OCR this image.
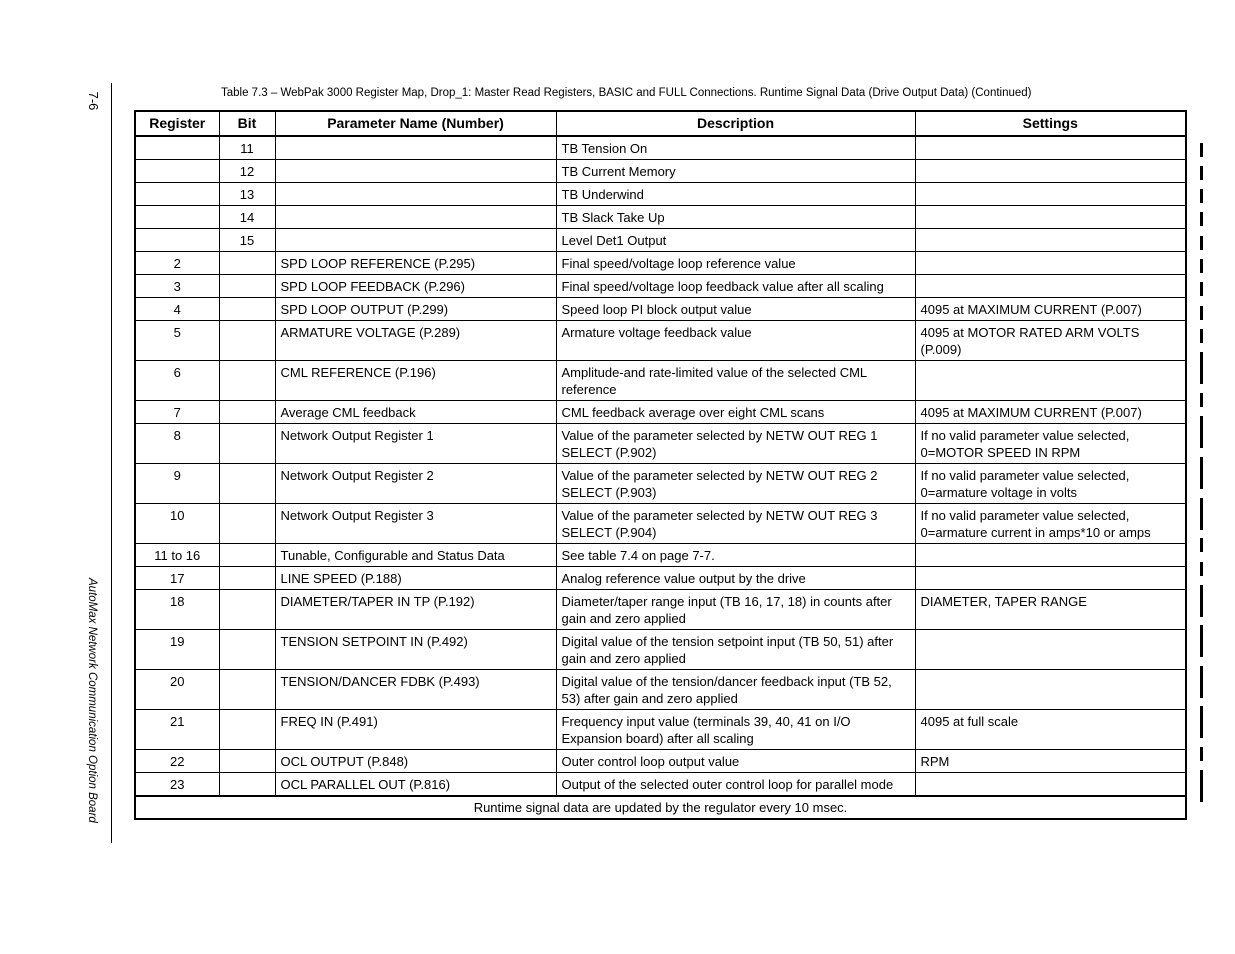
7-6
AutoMax Network Communication Option Board
Table 7.3 – WebPak 3000 Register Map, Drop_1: Master Read Registers, BASIC and FULL Connections. Runtime Signal Data (Drive Output Data) (Continued)
Register	Bit	Parameter Name (Number)	Description	Settings
	11		TB Tension On	
	12		TB Current Memory	
	13		TB Underwind	
	14		TB Slack Take Up	
	15		Level Det1 Output	
2		SPD LOOP REFERENCE (P.295)	Final speed/voltage loop reference value	
3		SPD LOOP FEEDBACK (P.296)	Final speed/voltage loop feedback value after all scaling	
4		SPD LOOP OUTPUT (P.299)	Speed loop PI block output value	4095 at MAXIMUM CURRENT (P.007)
5		ARMATURE VOLTAGE (P.289)	Armature voltage feedback value	4095 at MOTOR RATED ARM VOLTS (P.009)
6		CML REFERENCE (P.196)	Amplitude-and rate-limited value of the selected CML reference	
7		Average CML feedback	CML feedback average over eight CML scans	4095 at MAXIMUM CURRENT (P.007)
8		Network Output Register 1	Value of the parameter selected by NETW OUT REG 1 SELECT (P.902)	If no valid parameter value selected, 0=MOTOR SPEED IN RPM
9		Network Output Register 2	Value of the parameter selected by NETW OUT REG 2 SELECT (P.903)	If no valid parameter value selected, 0=armature voltage in volts
10		Network Output Register 3	Value of the parameter selected by NETW OUT REG 3 SELECT (P.904)	If no valid parameter value selected, 0=armature current in amps*10 or amps
11 to 16		Tunable, Configurable and Status Data	See table 7.4 on page 7-7.	
17		LINE SPEED (P.188)	Analog reference value output by the drive	
18		DIAMETER/TAPER IN TP (P.192)	Diameter/taper range input (TB 16, 17, 18) in counts after gain and zero applied	DIAMETER, TAPER RANGE
19		TENSION SETPOINT IN (P.492)	Digital value of the tension setpoint input (TB 50, 51) after gain and zero applied	
20		TENSION/DANCER FDBK (P.493)	Digital value of the tension/dancer feedback input (TB 52, 53) after gain and zero applied	
21		FREQ IN (P.491)	Frequency input value (terminals 39, 40, 41 on I/O Expansion board) after all scaling	4095 at full scale
22		OCL OUTPUT (P.848)	Outer control loop output value	RPM
23		OCL PARALLEL OUT (P.816)	Output of the selected outer control loop for parallel mode	
Runtime signal data are updated by the regulator every 10 msec.				
